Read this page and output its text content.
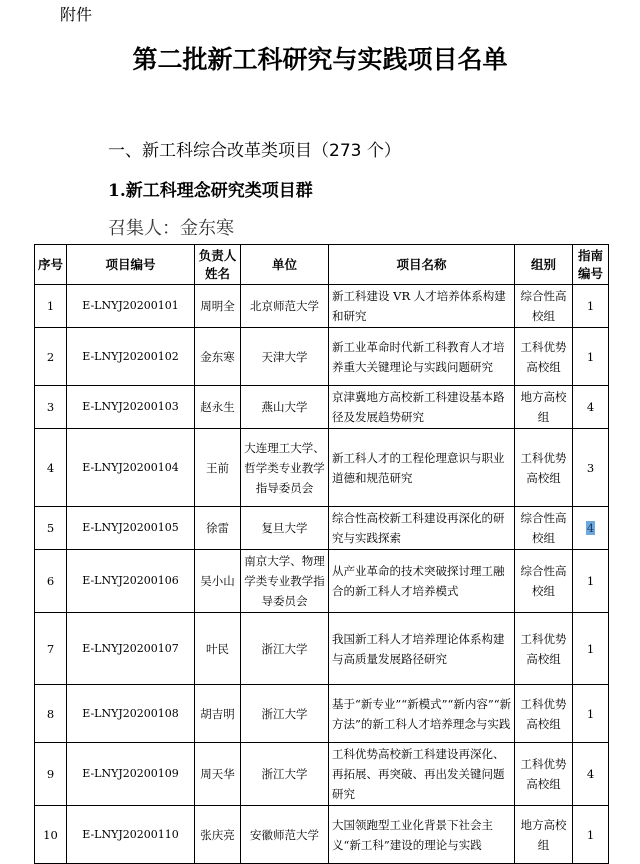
附件
第二批新工科研究与实践项目名单
一、新工科综合改革类项目（273 个）
1.新工科理念研究类项目群
召集人：金东寒
序号	项目编号	负责人姓名	单位	项目名称	组别	指南编号
1	E-LNYJ20200101	周明全	北京师范大学	新工科建设 VR 人才培养体系构建和研究	综合性高校组	1
2	E-LNYJ20200102	金东寒	天津大学	新工业革命时代新工科教育人才培养重大关键理论与实践问题研究	工科优势高校组	1
3	E-LNYJ20200103	赵永生	燕山大学	京津冀地方高校新工科建设基本路径及发展趋势研究	地方高校组	4
4	E-LNYJ20200104	王前	大连理工大学、哲学类专业教学指导委员会	新工科人才的工程伦理意识与职业道德和规范研究	工科优势高校组	3
5	E-LNYJ20200105	徐雷	复旦大学	综合性高校新工科建设再深化的研究与实践探索	综合性高校组	4
6	E-LNYJ20200106	吴小山	南京大学、物理学类专业教学指导委员会	从产业革命的技术突破探讨理工融合的新工科人才培养模式	综合性高校组	1
7	E-LNYJ20200107	叶民	浙江大学	我国新工科人才培养理论体系构建与高质量发展路径研究	工科优势高校组	1
8	E-LNYJ20200108	胡吉明	浙江大学	基于“新专业”“新模式”“新内容”“新方法”的新工科人才培养理念与实践	工科优势高校组	1
9	E-LNYJ20200109	周天华	浙江大学	工科优势高校新工科建设再深化、再拓展、再突破、再出发关键问题研究	工科优势高校组	4
10	E-LNYJ20200110	张庆亮	安徽师范大学	大国领跑型工业化背景下社会主义“新工科”建设的理论与实践	地方高校组	1
